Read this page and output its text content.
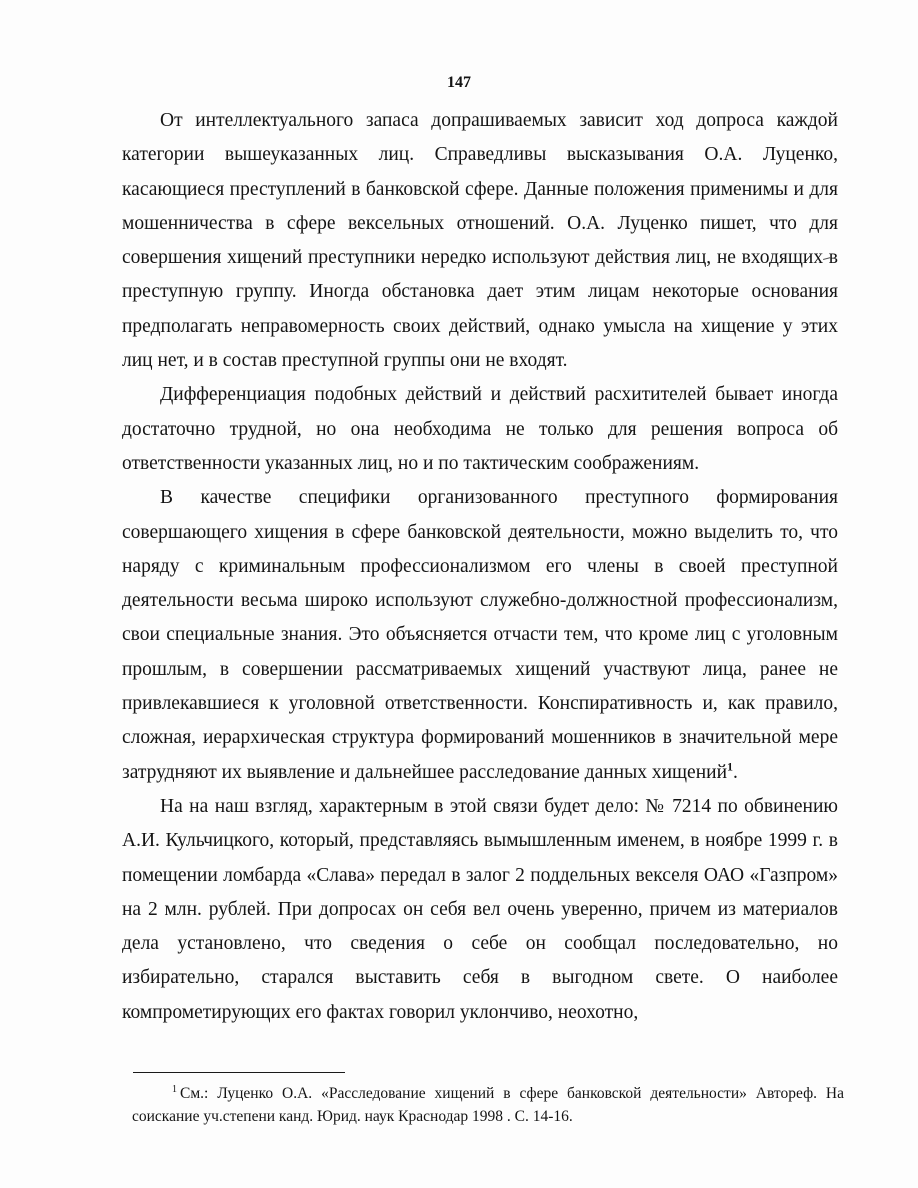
147

От интеллектуального запаса допрашиваемых зависит ход допроса каждой категории вышеуказанных лиц. Справедливы высказывания О.А. Луценко, касающиеся преступлений в банковской сфере. Данные положения применимы и для мошенничества в сфере вексельных отношений. О.А. Луценко пишет, что для совершения хищений преступники нередко используют действия лиц, не входящих в преступную группу. Иногда обстановка дает этим лицам некоторые основания предполагать неправомерность своих действий, однако умысла на хищение у этих лиц нет, и в состав преступной группы они не входят.

Дифференциация подобных действий и действий расхитителей бывает иногда достаточно трудной, но она необходима не только для решения вопроса об ответственности указанных лиц, но и по тактическим соображениям.

В качестве специфики организованного преступного формирования совершающего хищения в сфере банковской деятельности, можно выделить то, что наряду с криминальным профессионализмом его члены в своей преступной деятельности весьма широко используют служебно-должностной профессионализм, свои специальные знания. Это объясняется отчасти тем, что кроме лиц с уголовным прошлым, в совершении рассматриваемых хищений участвуют лица, ранее не привлекавшиеся к уголовной ответственности. Конспиративность и, как правило, сложная, иерархическая структура формирований мошенников в значительной мере затрудняют их выявление и дальнейшее расследование данных хищений$^1$.

На на наш взгляд, характерным в этой связи будет дело: № 7214 по обвинению А.И. Кульчицкого, который, представляясь вымышленным именем, в ноябре 1999 г. в помещении ломбарда «Слава» передал в залог 2 поддельных векселя ОАО «Газпром» на 2 млн. рублей. При допросах он себя вел очень уверенно, причем из материалов дела установлено, что сведения о себе он сообщал последовательно, но избирательно, старался выставить себя в выгодном свете. О наиболее компрометирующих его фактах говорил уклончиво, неохотно,

$^1$ См.: Луценко О.А. «Расследование хищений в сфере банковской деятельности» Автореф. На соискание уч.степени канд. Юрид. наук Краснодар 1998 . С. 14-16.
